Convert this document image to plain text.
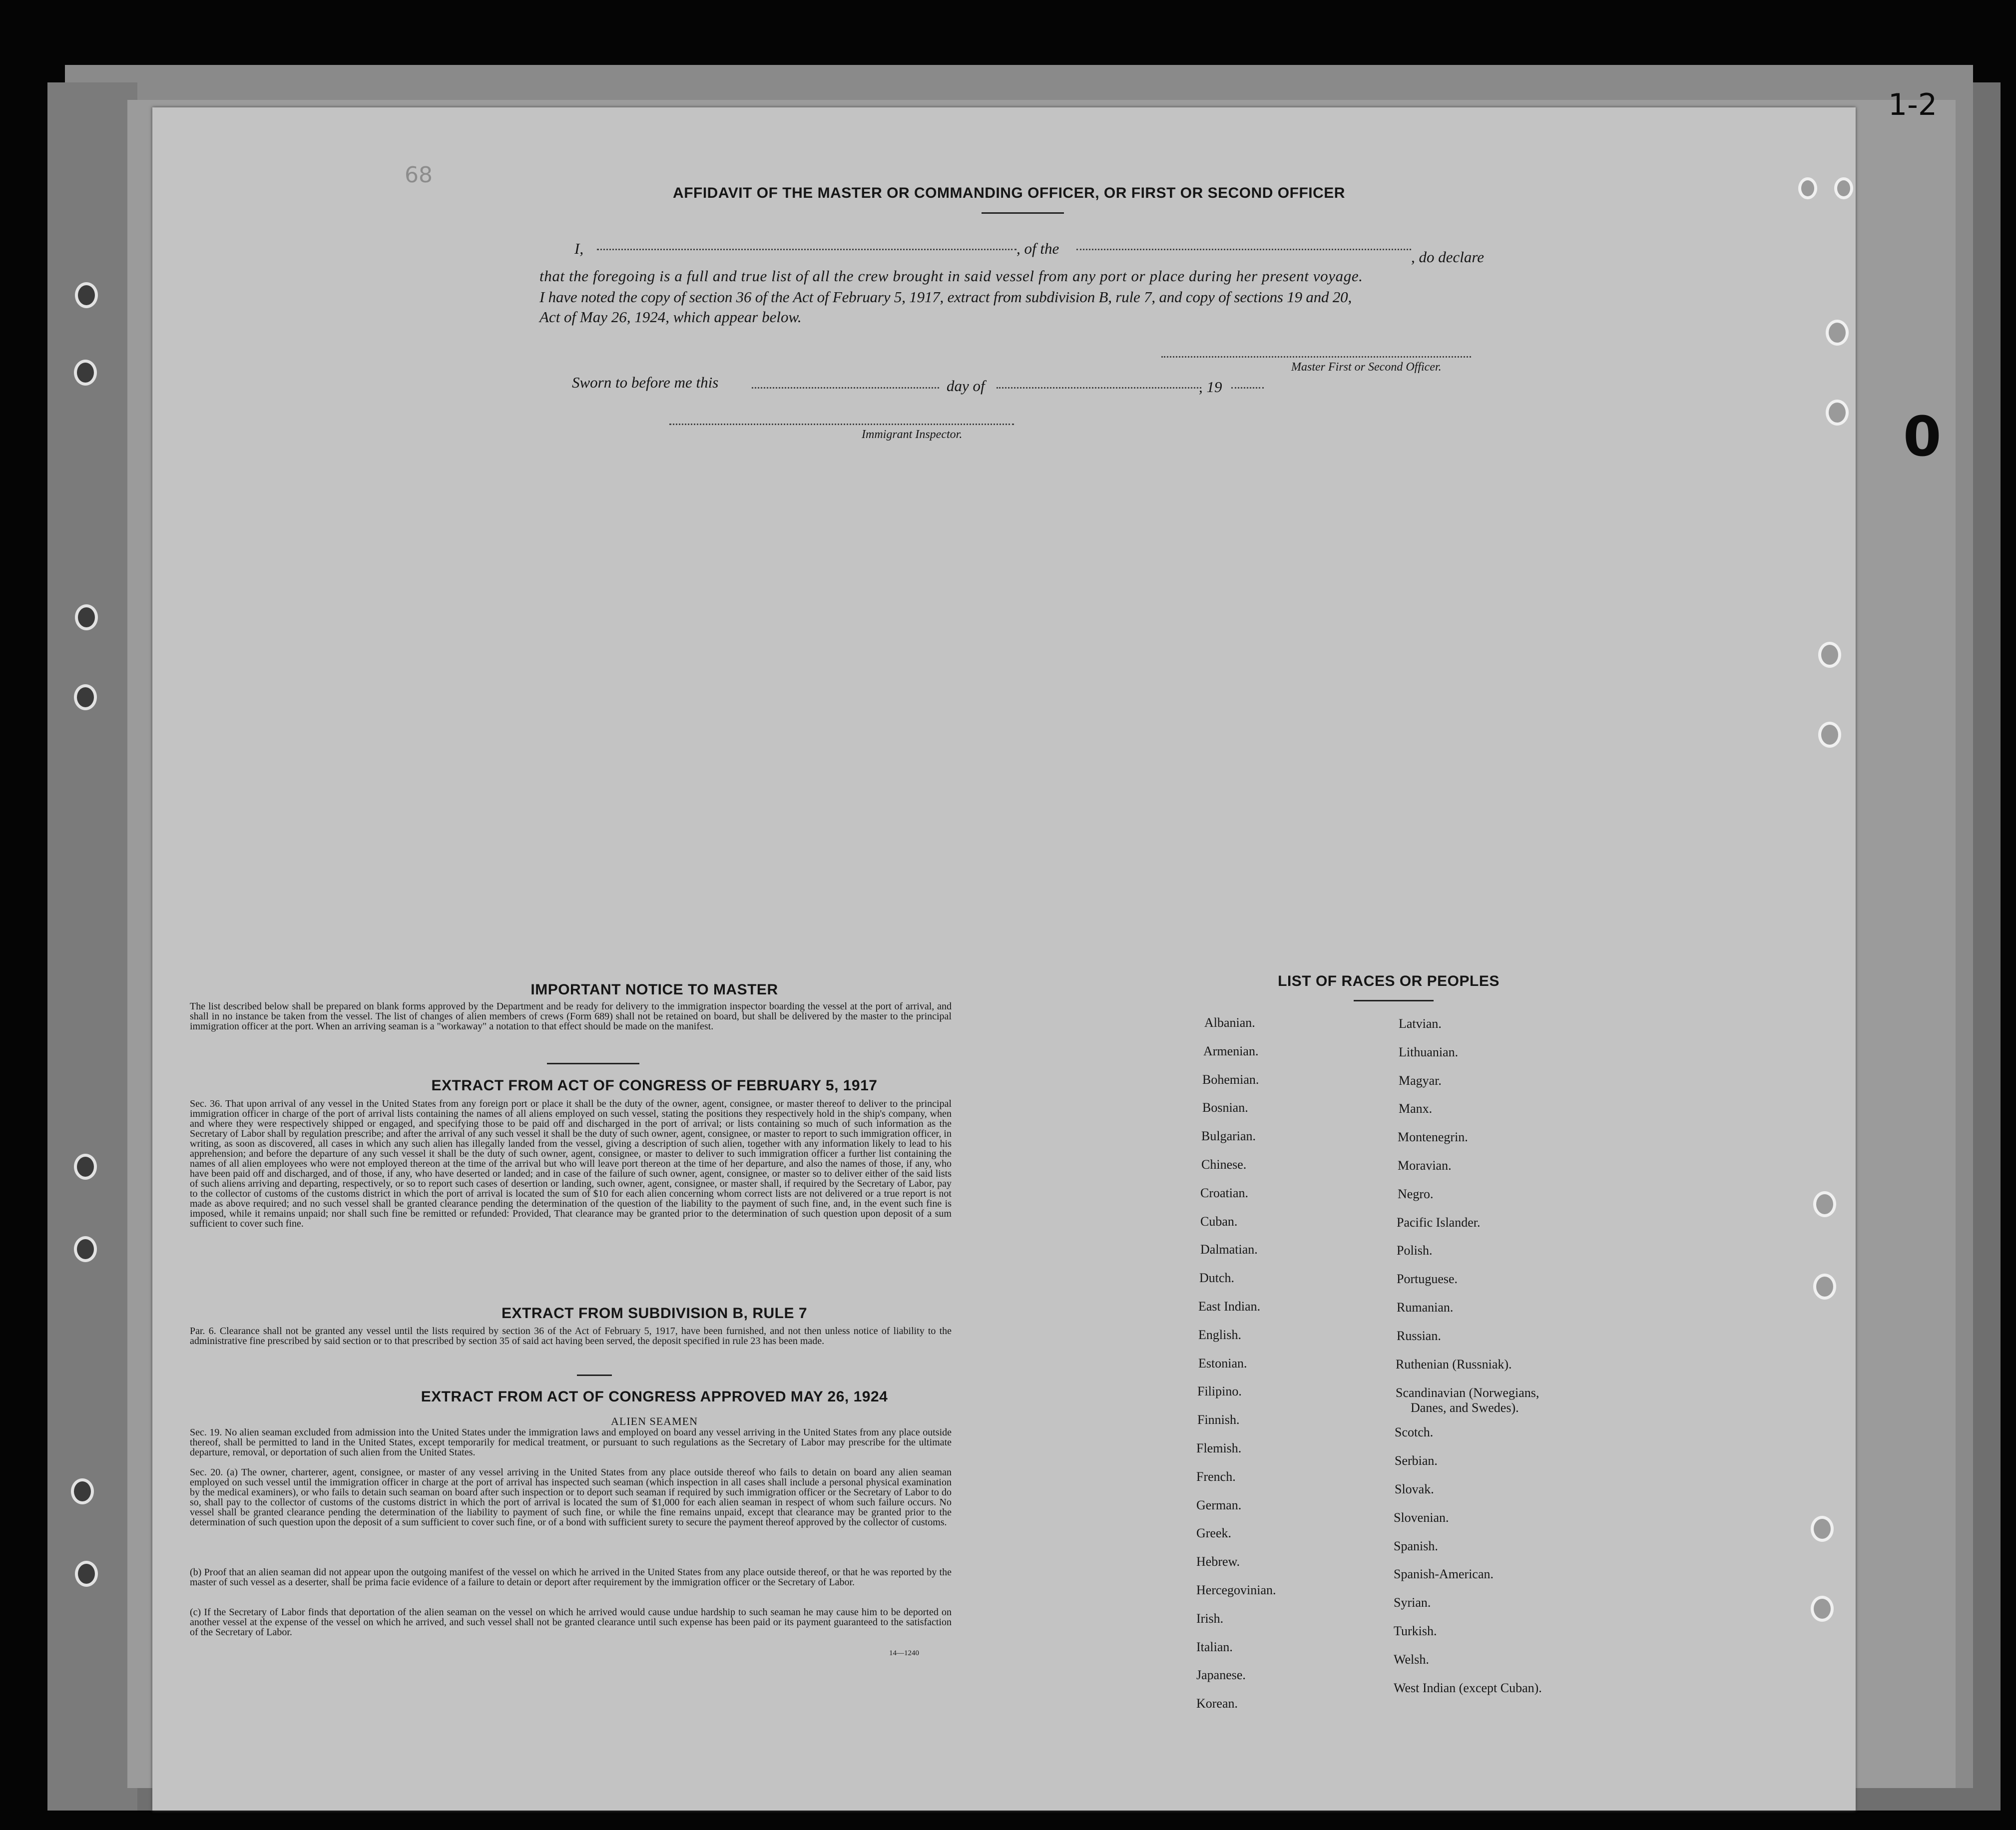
0
1-2
68
AFFIDAVIT OF THE MASTER OR COMMANDING OFFICER, OR FIRST OR SECOND OFFICER
I,	, of the	, do declare
that the foregoing is a full and true list of all the crew brought in said vessel from any port or place during her present voyage.
I have noted the copy of section 36 of the Act of February 5, 1917, extract from subdivision B, rule 7, and copy of sections 19 and 20,
Act of May 26, 1924, which appear below.
Master First or Second Officer.
Sworn to before me this	day of	, 19
Immigrant Inspector.
IMPORTANT NOTICE TO MASTER
The list described below shall be prepared on blank forms approved by the Department and be ready for delivery to the immigration inspector boarding the vessel at the port of arrival, and shall in no instance be taken from the vessel. The list of changes of alien members of crews (Form 689) shall not be retained on board, but shall be delivered by the master to the principal immigration officer at the port. When an arriving seaman is a "workaway" a notation to that effect should be made on the manifest.
EXTRACT FROM ACT OF CONGRESS OF FEBRUARY 5, 1917
Sec. 36. That upon arrival of any vessel in the United States from any foreign port or place it shall be the duty of the owner, agent, consignee, or master thereof to deliver to the principal immigration officer in charge of the port of arrival lists containing the names of all aliens employed on such vessel, stating the positions they respectively hold in the ship's company, when and where they were respectively shipped or engaged, and specifying those to be paid off and discharged in the port of arrival; or lists containing so much of such information as the Secretary of Labor shall by regulation prescribe; and after the arrival of any such vessel it shall be the duty of such owner, agent, consignee, or master to report to such immigration officer, in writing, as soon as discovered, all cases in which any such alien has illegally landed from the vessel, giving a description of such alien, together with any information likely to lead to his apprehension; and before the departure of any such vessel it shall be the duty of such owner, agent, consignee, or master to deliver to such immigration officer a further list containing the names of all alien employees who were not employed thereon at the time of the arrival but who will leave port thereon at the time of her departure, and also the names of those, if any, who have been paid off and discharged, and of those, if any, who have deserted or landed; and in case of the failure of such owner, agent, consignee, or master so to deliver either of the said lists of such aliens arriving and departing, respectively, or so to report such cases of desertion or landing, such owner, agent, consignee, or master shall, if required by the Secretary of Labor, pay to the collector of customs of the customs district in which the port of arrival is located the sum of $10 for each alien concerning whom correct lists are not delivered or a true report is not made as above required; and no such vessel shall be granted clearance pending the determination of the question of the liability to the payment of such fine, and, in the event such fine is imposed, while it remains unpaid; nor shall such fine be remitted or refunded: Provided, That clearance may be granted prior to the determination of such question upon deposit of a sum sufficient to cover such fine.
EXTRACT FROM SUBDIVISION B, RULE 7
Par. 6. Clearance shall not be granted any vessel until the lists required by section 36 of the Act of February 5, 1917, have been furnished, and not then unless notice of liability to the administrative fine prescribed by said section or to that prescribed by section 35 of said act having been served, the deposit specified in rule 23 has been made.
EXTRACT FROM ACT OF CONGRESS APPROVED MAY 26, 1924
ALIEN SEAMEN
Sec. 19. No alien seaman excluded from admission into the United States under the immigration laws and employed on board any vessel arriving in the United States from any place outside thereof, shall be permitted to land in the United States, except temporarily for medical treatment, or pursuant to such regulations as the Secretary of Labor may prescribe for the ultimate departure, removal, or deportation of such alien from the United States.
Sec. 20. (a) The owner, charterer, agent, consignee, or master of any vessel arriving in the United States from any place outside thereof who fails to detain on board any alien seaman employed on such vessel until the immigration officer in charge at the port of arrival has inspected such seaman (which inspection in all cases shall include a personal physical examination by the medical examiners), or who fails to detain such seaman on board after such inspection or to deport such seaman if required by such immigration officer or the Secretary of Labor to do so, shall pay to the collector of customs of the customs district in which the port of arrival is located the sum of $1,000 for each alien seaman in respect of whom such failure occurs. No vessel shall be granted clearance pending the determination of the liability to payment of such fine, or while the fine remains unpaid, except that clearance may be granted prior to the determination of such question upon the deposit of a sum sufficient to cover such fine, or of a bond with sufficient surety to secure the payment thereof approved by the collector of customs.
(b) Proof that an alien seaman did not appear upon the outgoing manifest of the vessel on which he arrived in the United States from any place outside thereof, or that he was reported by the master of such vessel as a deserter, shall be prima facie evidence of a failure to detain or deport after requirement by the immigration officer or the Secretary of Labor.
(c) If the Secretary of Labor finds that deportation of the alien seaman on the vessel on which he arrived would cause undue hardship to such seaman he may cause him to be deported on another vessel at the expense of the vessel on which he arrived, and such vessel shall not be granted clearance until such expense has been paid or its payment guaranteed to the satisfaction of the Secretary of Labor.
14—1240
LIST OF RACES OR PEOPLES
Albanian.
Armenian.
Bohemian.
Bosnian.
Bulgarian.
Chinese.
Croatian.
Cuban.
Dalmatian.
Dutch.
East Indian.
English.
Estonian.
Filipino.
Finnish.
Flemish.
French.
German.
Greek.
Hebrew.
Hercegovinian.
Irish.
Italian.
Japanese.
Korean.
Latvian.
Lithuanian.
Magyar.
Manx.
Montenegrin.
Moravian.
Negro.
Pacific Islander.
Polish.
Portuguese.
Rumanian.
Russian.
Ruthenian (Russniak).
Scandinavian (Norwegians,
Danes, and Swedes).
Scotch.
Serbian.
Slovak.
Slovenian.
Spanish.
Spanish-American.
Syrian.
Turkish.
Welsh.
West Indian (except Cuban).
